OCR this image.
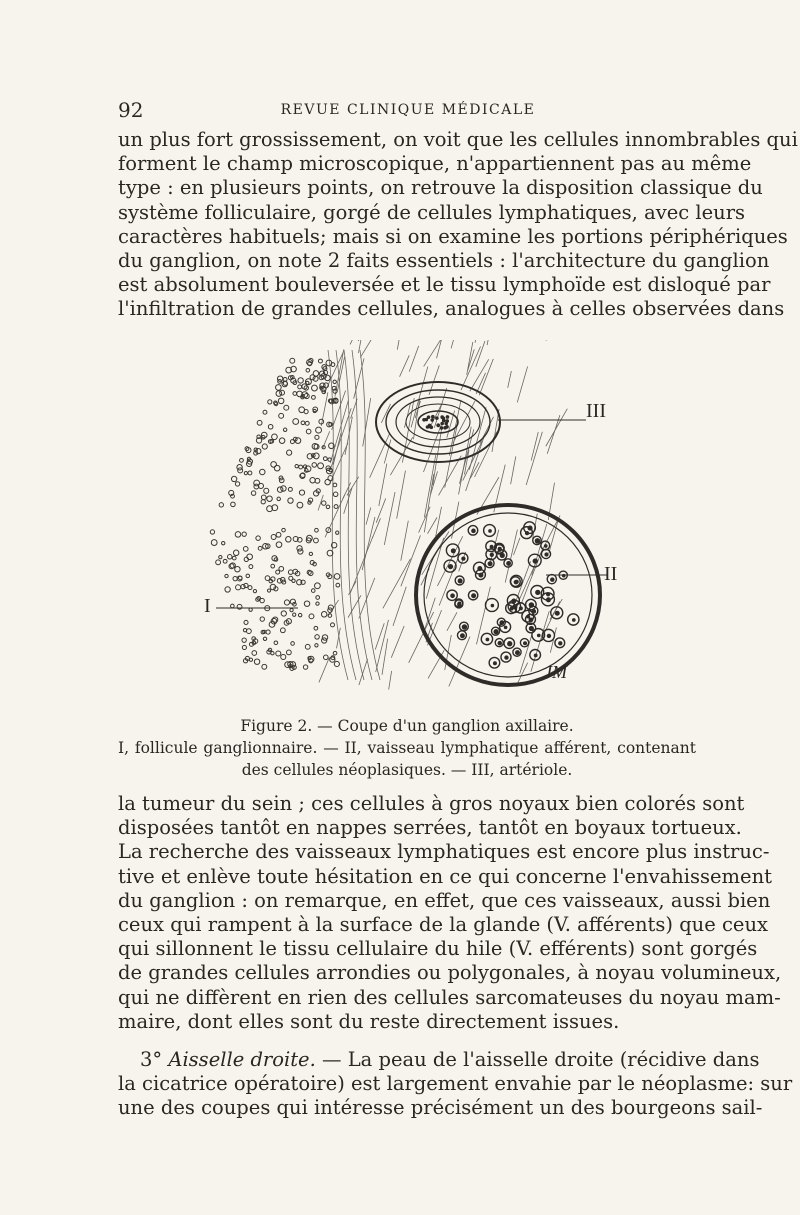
92	REVUE CLINIQUE MÉDICALE
un plus fort grossissement, on voit que les cellules innombrables qui
forment le champ microscopique, n'appartiennent pas au même
type : en plusieurs points, on retrouve la disposition classique du
système folliculaire, gorgé de cellules lymphatiques, avec leurs
caractères habituels; mais si on examine les portions périphériques
du ganglion, on note 2 faits essentiels : l'architecture du ganglion
est absolument bouleversée et le tissu lymphoïde est disloqué par
l'infiltration de grandes cellules, analogues à celles observées dans
I
III
II
JM
Figure 2. — Coupe d'un ganglion axillaire.
I, follicule ganglionnaire. — II, vaisseau lymphatique afférent, contenant
des cellules néoplasiques. — III, artériole.
la tumeur du sein ; ces cellules à gros noyaux bien colorés sont
disposées tantôt en nappes serrées, tantôt en boyaux tortueux.
La recherche des vaisseaux lymphatiques est encore plus instruc-
tive et enlève toute hésitation en ce qui concerne l'envahissement
du ganglion : on remarque, en effet, que ces vaisseaux, aussi bien
ceux qui rampent à la surface de la glande (V. afférents) que ceux
qui sillonnent le tissu cellulaire du hile (V. efférents) sont gorgés
de grandes cellules arrondies ou polygonales, à noyau volumineux,
qui ne diffèrent en rien des cellules sarcomateuses du noyau mam-
maire, dont elles sont du reste directement issues.
3° Aisselle droite. — La peau de l'aisselle droite (récidive dans
la cicatrice opératoire) est largement envahie par le néoplasme: sur
une des coupes qui intéresse précisément un des bourgeons sail-
